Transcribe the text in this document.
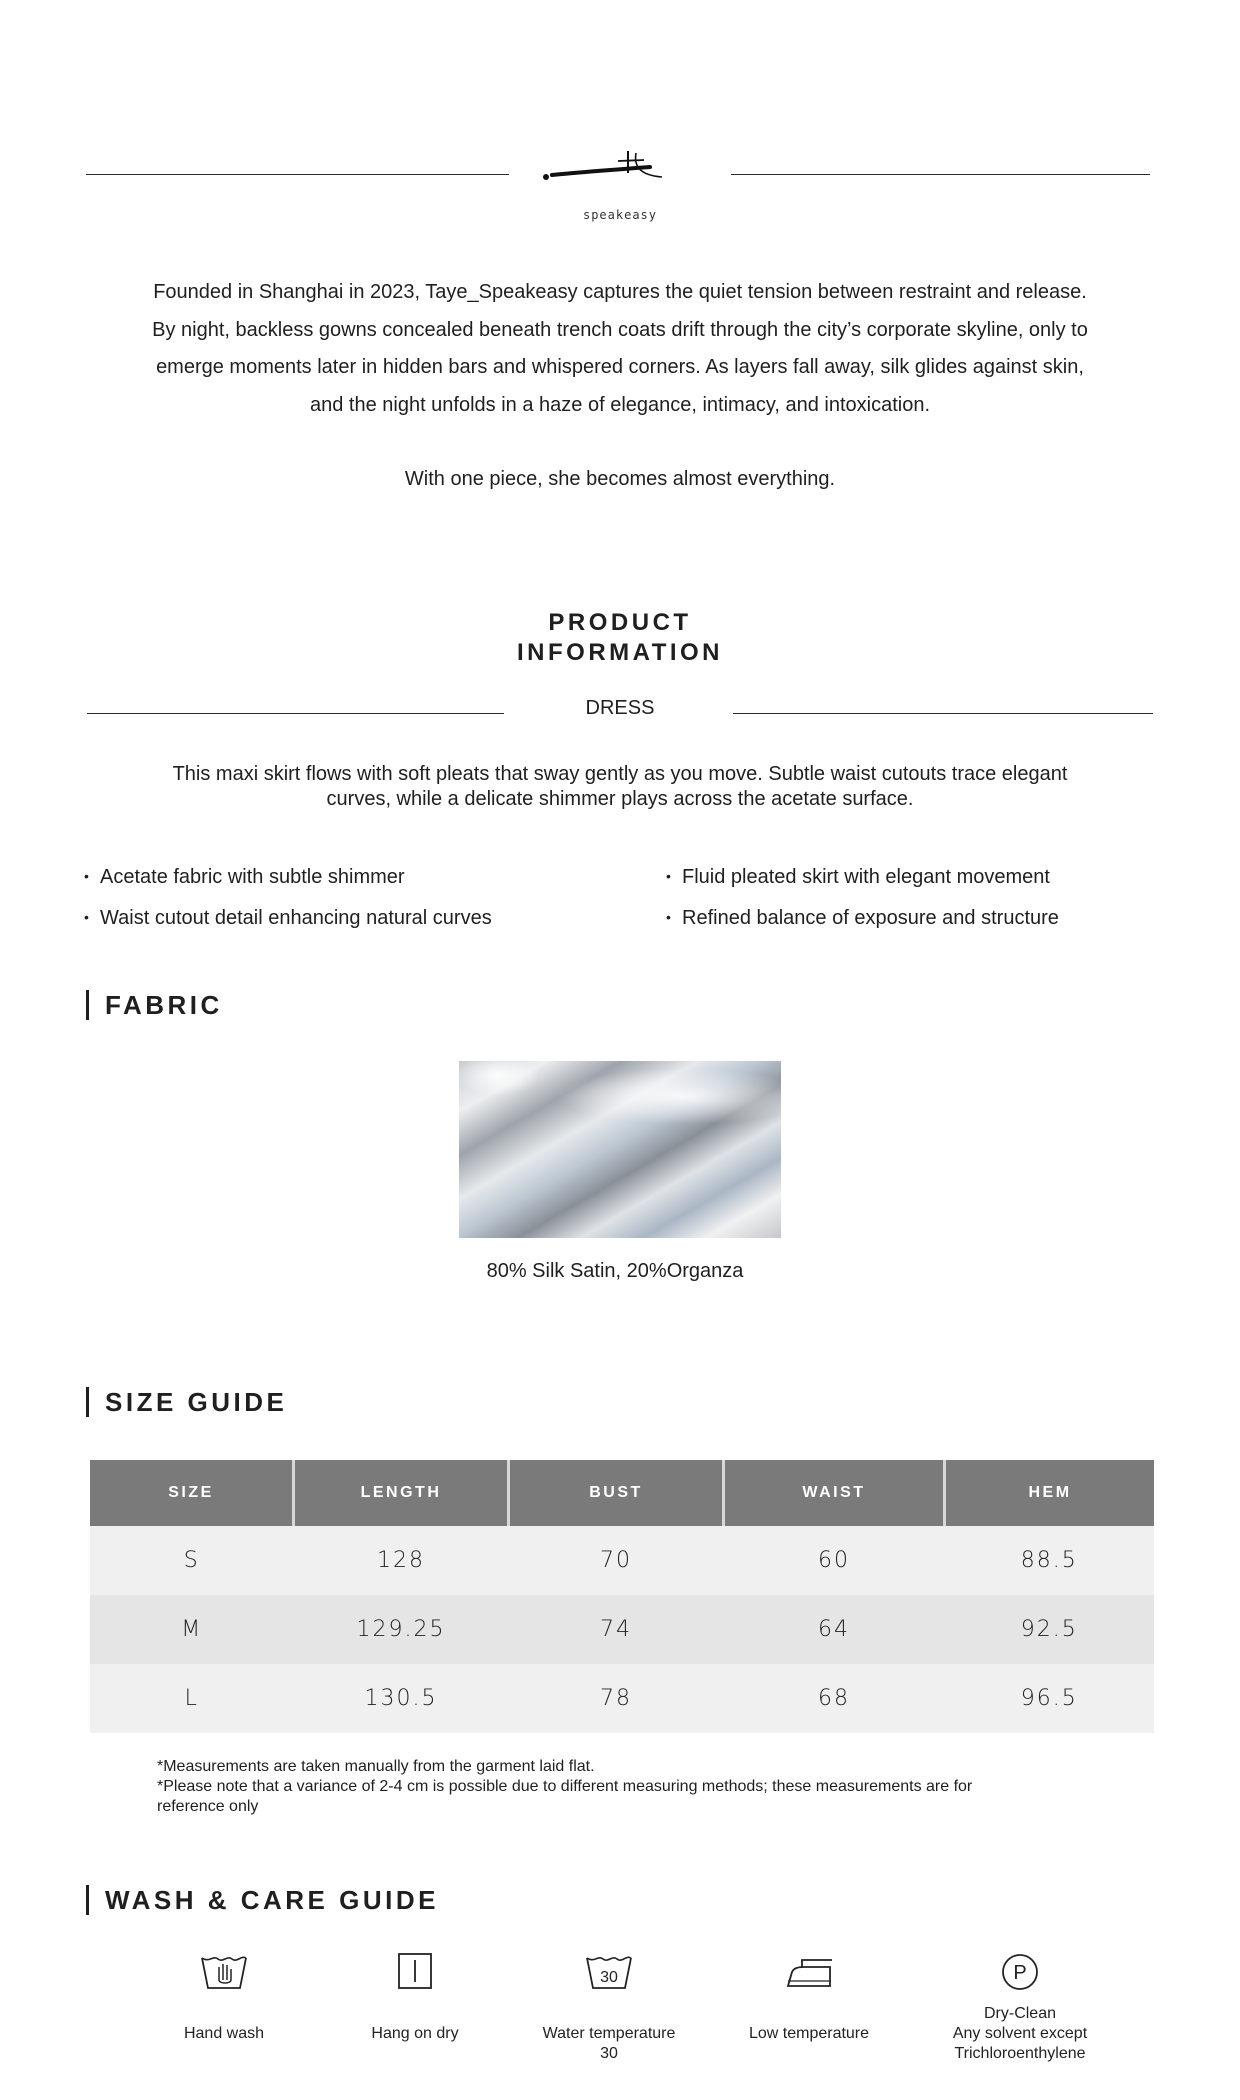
speakeasy

Founded in Shanghai in 2023, Taye_Speakeasy captures the quiet tension between restraint and release.

By night, backless gowns concealed beneath trench coats drift through the city’s corporate skyline, only to

emerge moments later in hidden bars and whispered corners. As layers fall away, silk glides against skin,

and the night unfolds in a haze of elegance, intimacy, and intoxication.

With one piece, she becomes almost everything.

PRODUCT
INFORMATION
DRESS
This maxi skirt flows with soft pleats that sway gently as you move. Subtle waist cutouts trace elegant
curves, while a delicate shimmer plays across the acetate surface.
• Acetate fabric with subtle shimmer	• Fluid pleated skirt with elegant movement
• Waist cutout detail enhancing natural curves	• Refined balance of exposure and structure
FABRIC
80% Silk Satin, 20%Organza
SIZE GUIDE
SIZE	LENGTH	BUST	WAIST	HEM
S	128	70	60	88.5
M	129.25	74	64	92.5
L	130.5	78	68	96.5

*Measurements are taken manually from the garment laid flat.

*Please note that a variance of 2-4 cm is possible due to different measuring methods; these measurements are for

reference only

WASH & CARE GUIDE
Hand wash	Hang on dry
30
Water temperature
30
Low temperature
P
Dry-Clean
Any solvent except
Trichloroenthylene
